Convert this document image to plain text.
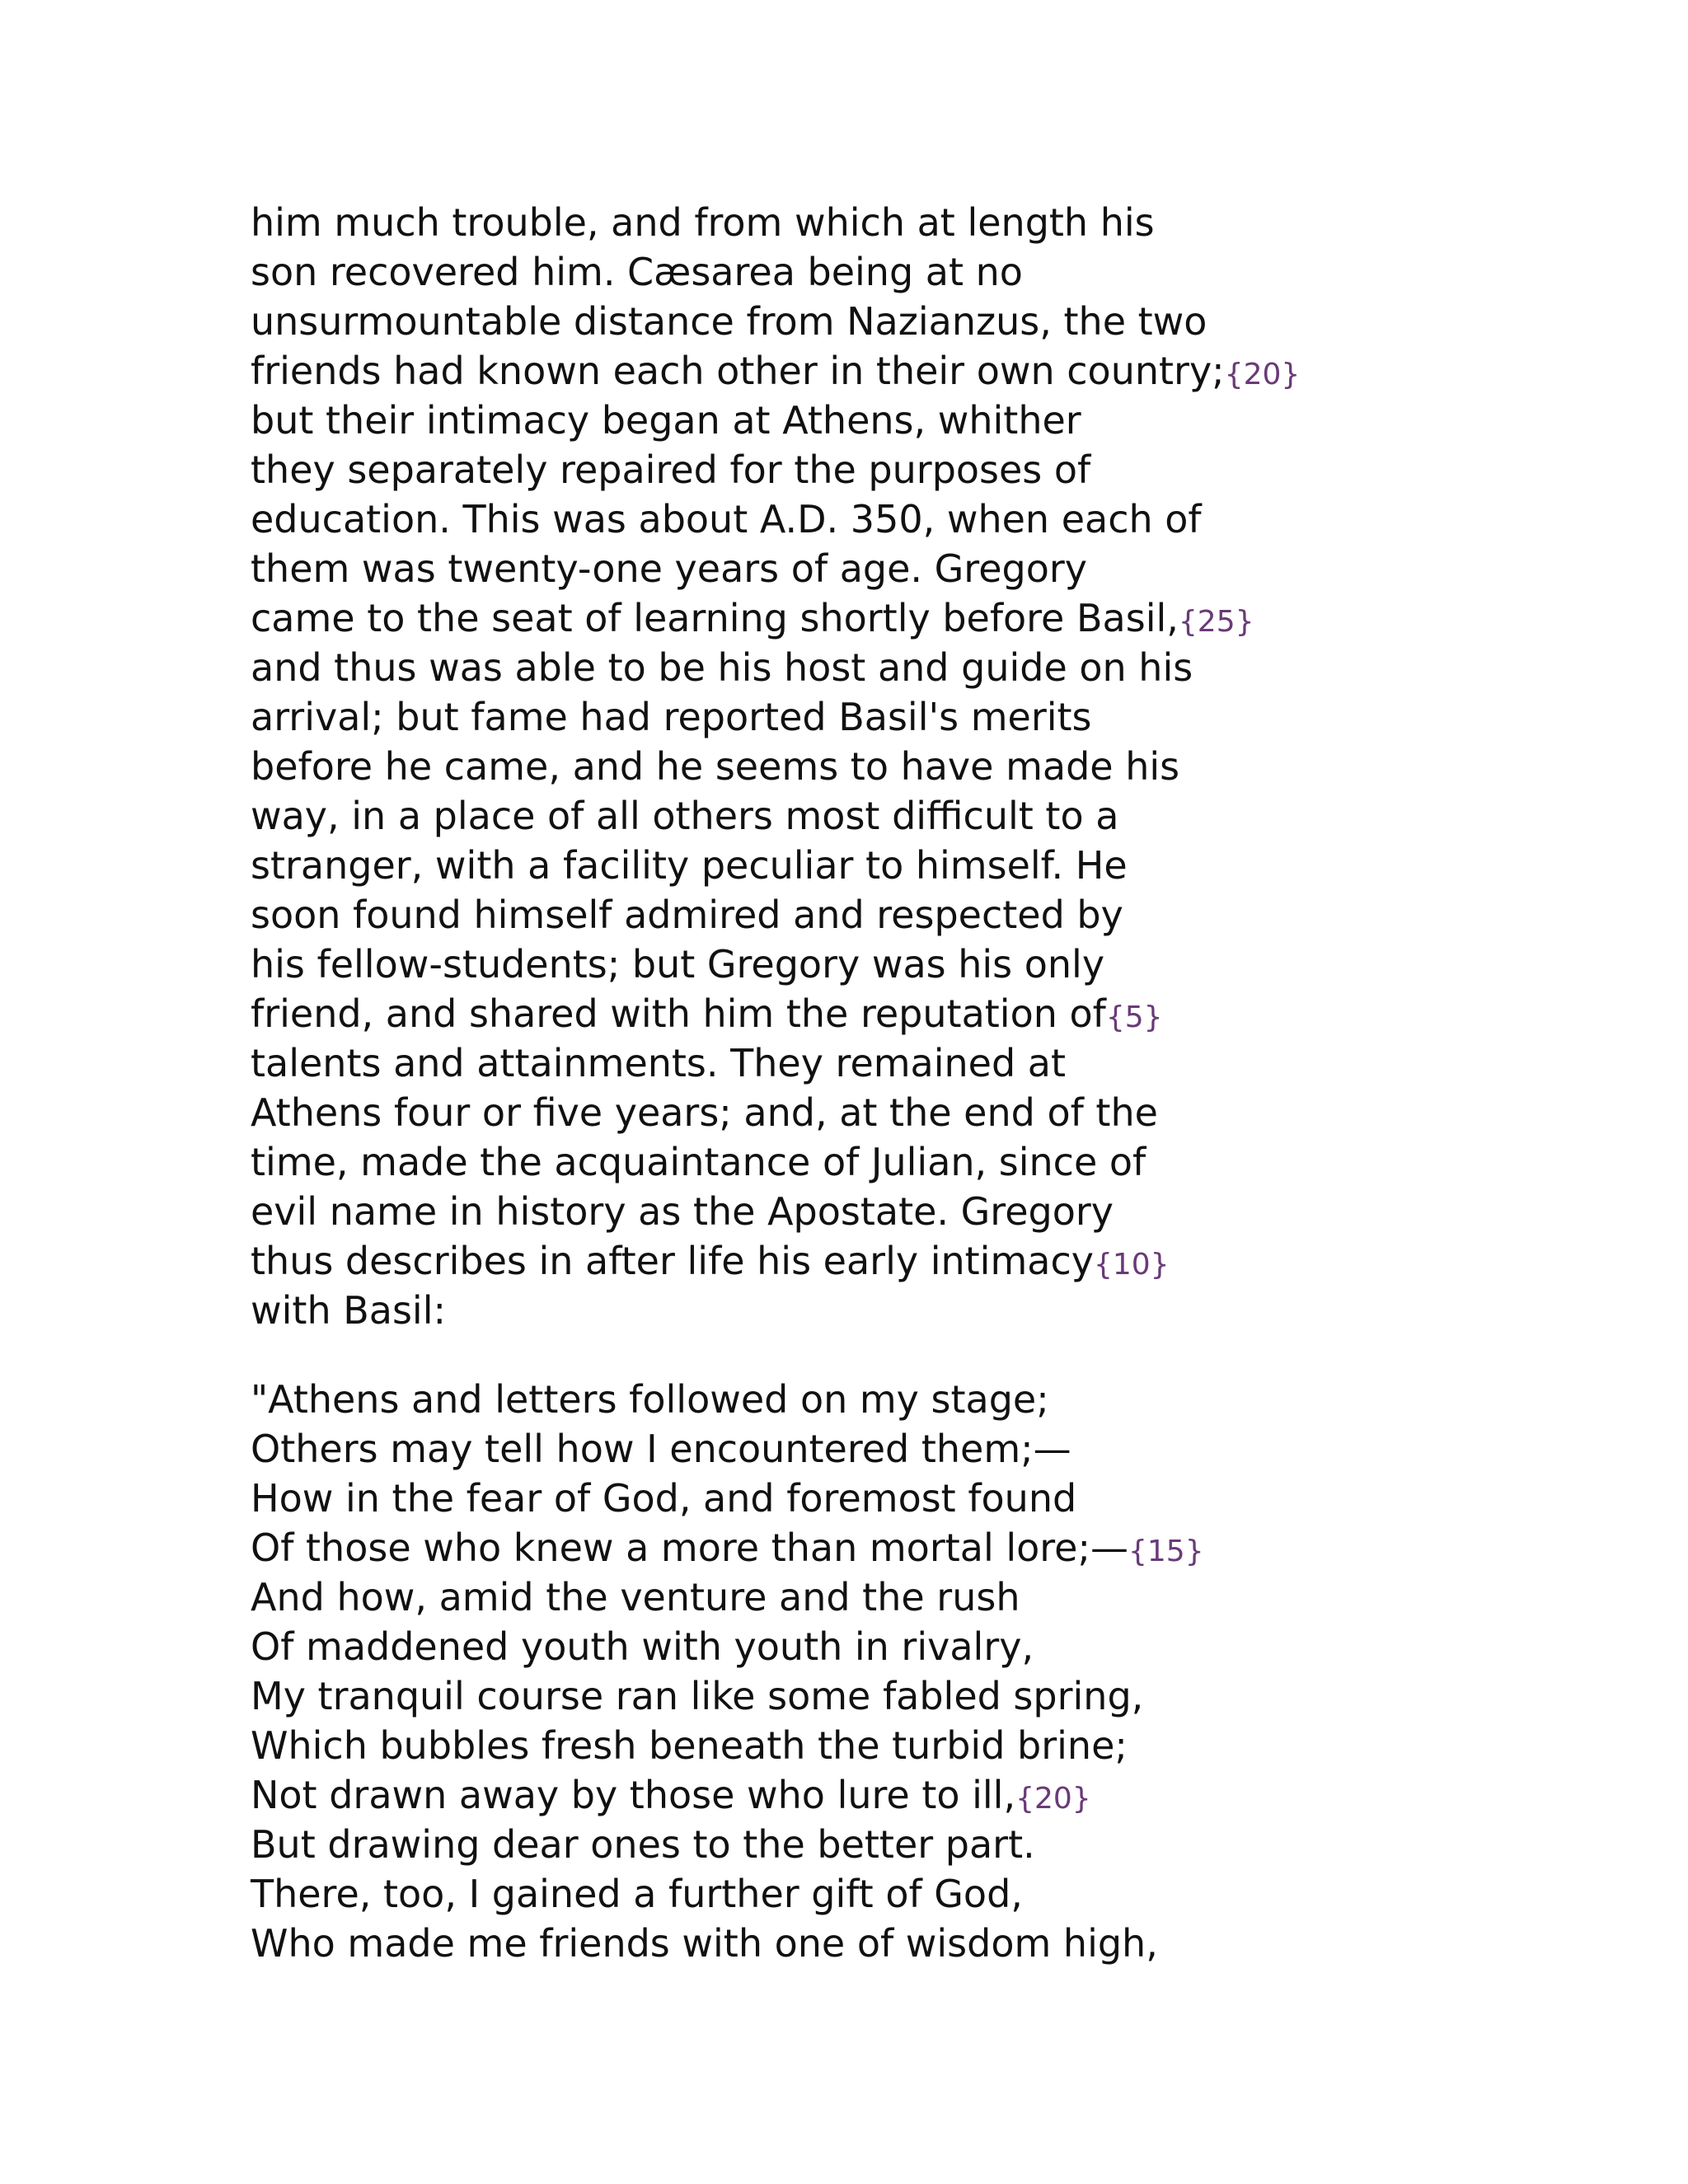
him much trouble, and from which at length his
son recovered him. Cæsarea being at no
unsurmountable distance from Nazianzus, the two
friends had known each other in their own country;{20}
but their intimacy began at Athens, whither
they separately repaired for the purposes of
education. This was about A.D. 350, when each of
them was twenty-one years of age. Gregory
came to the seat of learning shortly before Basil,{25}
and thus was able to be his host and guide on his
arrival; but fame had reported Basil's merits
before he came, and he seems to have made his
way, in a place of all others most difficult to a
stranger, with a facility peculiar to himself. He
soon found himself admired and respected by
his fellow-students; but Gregory was his only
friend, and shared with him the reputation of{5}
talents and attainments. They remained at
Athens four or five years; and, at the end of the
time, made the acquaintance of Julian, since of
evil name in history as the Apostate. Gregory
thus describes in after life his early intimacy{10}
with Basil:
"Athens and letters followed on my stage;
Others may tell how I encountered them;—
How in the fear of God, and foremost found
Of those who knew a more than mortal lore;—{15}
And how, amid the venture and the rush
Of maddened youth with youth in rivalry,
My tranquil course ran like some fabled spring,
Which bubbles fresh beneath the turbid brine;
Not drawn away by those who lure to ill,{20}
But drawing dear ones to the better part.
There, too, I gained a further gift of God,
Who made me friends with one of wisdom high,
